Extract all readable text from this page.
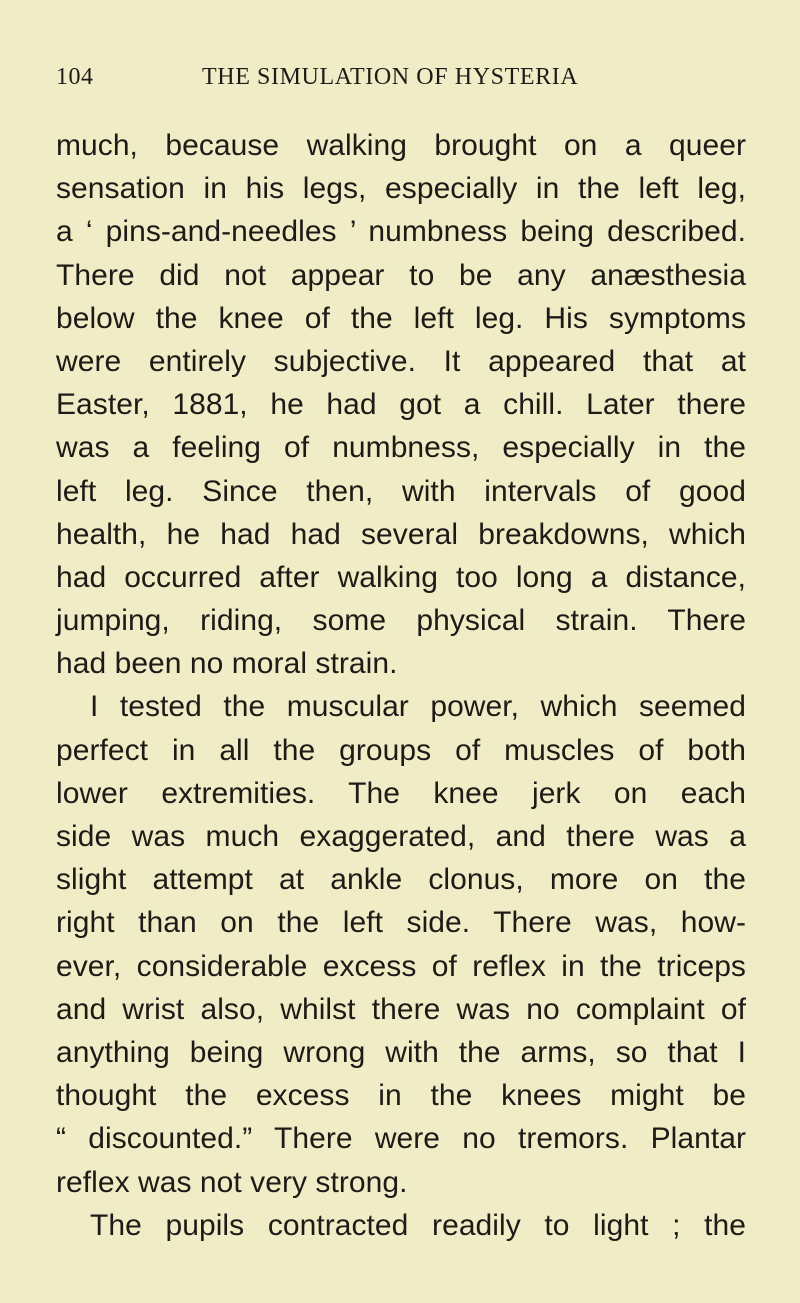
104	THE SIMULATION OF HYSTERIA
much, because walking brought on a queer
sensation in his legs, especially in the left leg,
a ‘ pins-and-needles ’ numbness being described.
There did not appear to be any anæsthesia
below the knee of the left leg. His symptoms
were entirely subjective. It appeared that at
Easter, 1881, he had got a chill. Later there
was a feeling of numbness, especially in the
left leg. Since then, with intervals of good
health, he had had several breakdowns, which
had occurred after walking too long a distance,
jumping, riding, some physical strain. There
had been no moral strain.
I tested the muscular power, which seemed
perfect in all the groups of muscles of both
lower extremities. The knee jerk on each
side was much exaggerated, and there was a
slight attempt at ankle clonus, more on the
right than on the left side. There was, how-
ever, considerable excess of reflex in the triceps
and wrist also, whilst there was no complaint of
anything being wrong with the arms, so that I
thought the excess in the knees might be
“ discounted.” There were no tremors. Plantar
reflex was not very strong.
The pupils contracted readily to light ; the
